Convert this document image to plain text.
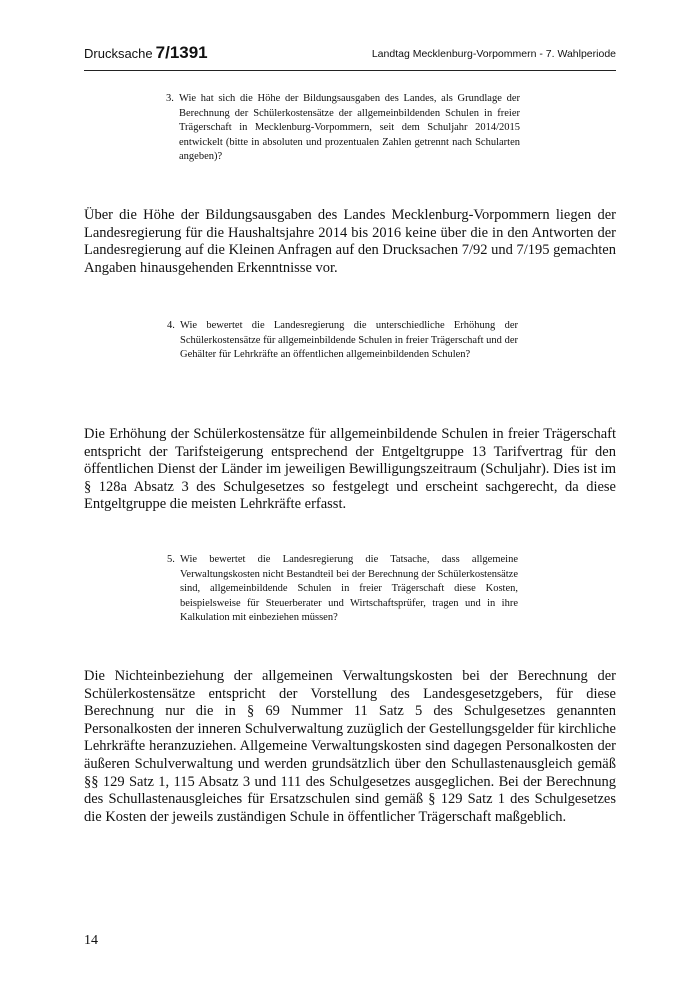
Drucksache 7/1391	Landtag Mecklenburg-Vorpommern - 7. Wahlperiode
3. Wie hat sich die Höhe der Bildungsausgaben des Landes, als Grundlage der Berechnung der Schülerkostensätze der allgemeinbildenden Schulen in freier Trägerschaft in Mecklenburg-Vorpommern, seit dem Schuljahr 2014/2015 entwickelt (bitte in absoluten und prozentualen Zahlen getrennt nach Schularten angeben)?
Über die Höhe der Bildungsausgaben des Landes Mecklenburg-Vorpommern liegen der Landesregierung für die Haushaltsjahre 2014 bis 2016 keine über die in den Antworten der Landesregierung auf die Kleinen Anfragen auf den Drucksachen 7/92 und 7/195 gemachten Angaben hinausgehenden Erkenntnisse vor.
4. Wie bewertet die Landesregierung die unterschiedliche Erhöhung der Schülerkostensätze für allgemeinbildende Schulen in freier Trägerschaft und der Gehälter für Lehrkräfte an öffentlichen allgemeinbildenden Schulen?
Die Erhöhung der Schülerkostensätze für allgemeinbildende Schulen in freier Trägerschaft entspricht der Tarifsteigerung entsprechend der Entgeltgruppe 13 Tarifvertrag für den öffentlichen Dienst der Länder im jeweiligen Bewilligungszeitraum (Schuljahr). Dies ist im § 128a Absatz 3 des Schulgesetzes so festgelegt und erscheint sachgerecht, da diese Entgeltgruppe die meisten Lehrkräfte erfasst.
5. Wie bewertet die Landesregierung die Tatsache, dass allgemeine Verwaltungskosten nicht Bestandteil bei der Berechnung der Schülerkostensätze sind, allgemeinbildende Schulen in freier Trägerschaft diese Kosten, beispielsweise für Steuerberater und Wirtschaftsprüfer, tragen und in ihre Kalkulation mit einbeziehen müssen?
Die Nichteinbeziehung der allgemeinen Verwaltungskosten bei der Berechnung der Schülerkostensätze entspricht der Vorstellung des Landesgesetzgebers, für diese Berechnung nur die in § 69 Nummer 11 Satz 5 des Schulgesetzes genannten Personalkosten der inneren Schulverwaltung zuzüglich der Gestellungsgelder für kirchliche Lehrkräfte heranzuziehen. Allgemeine Verwaltungskosten sind dagegen Personalkosten der äußeren Schulverwaltung und werden grundsätzlich über den Schullastenausgleich gemäß §§ 129 Satz 1, 115 Absatz 3 und 111 des Schulgesetzes ausgeglichen. Bei der Berechnung des Schullastenausgleiches für Ersatzschulen sind gemäß § 129 Satz 1 des Schulgesetzes die Kosten der jeweils zuständigen Schule in öffentlicher Trägerschaft maßgeblich.
14
